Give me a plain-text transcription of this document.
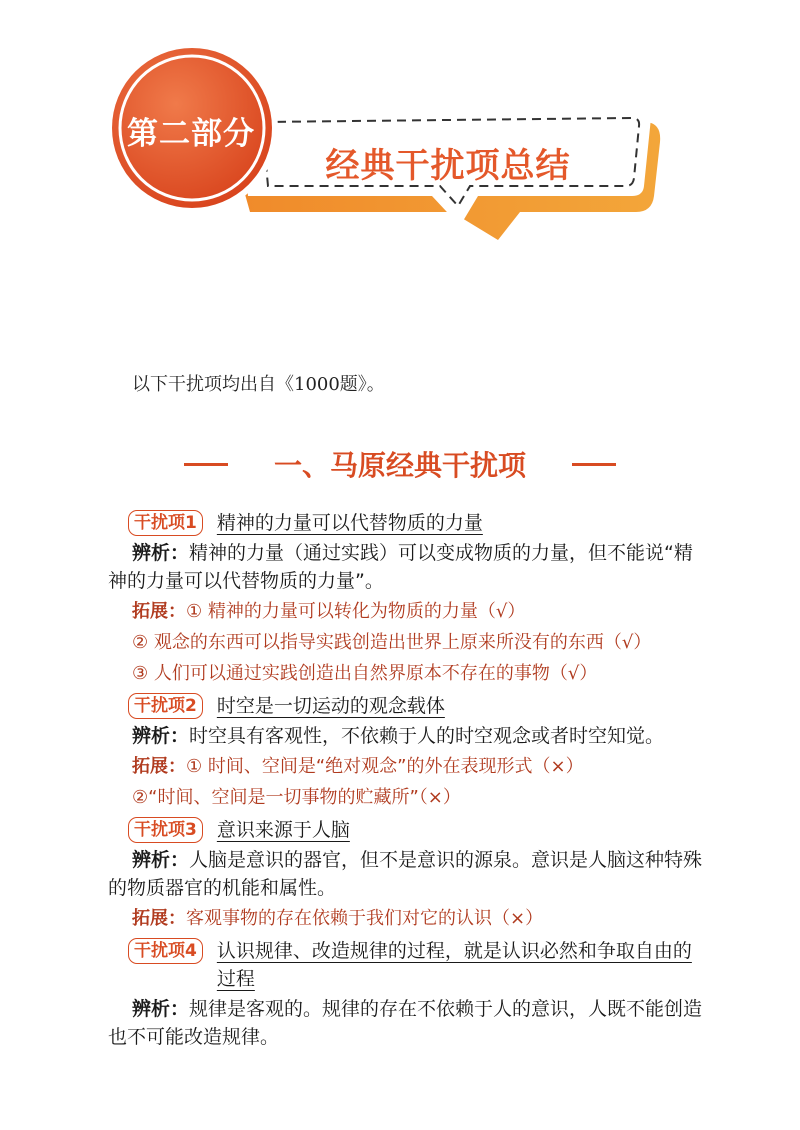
第二部分
经典干扰项总结
以下干扰项均出自《1000题》。
一、马原经典干扰项
干扰项1	精神的力量可以代替物质的力量
辨析：精神的力量（通过实践）可以变成物质的力量，但不能说“精神的力量可以代替物质的力量”。
拓展：① 精神的力量可以转化为物质的力量（√）
② 观念的东西可以指导实践创造出世界上原来所没有的东西（√）
③ 人们可以通过实践创造出自然界原本不存在的事物（√）
干扰项2	时空是一切运动的观念载体
辨析：时空具有客观性，不依赖于人的时空观念或者时空知觉。
拓展：① 时间、空间是“绝对观念”的外在表现形式（×）
②“时间、空间是一切事物的贮藏所”（×）
干扰项3	意识来源于人脑
辨析：人脑是意识的器官，但不是意识的源泉。意识是人脑这种特殊的物质器官的机能和属性。
拓展：客观事物的存在依赖于我们对它的认识（×）
干扰项4	认识规律、改造规律的过程，就是认识必然和争取自由的过程
辨析：规律是客观的。规律的存在不依赖于人的意识，人既不能创造也不可能改造规律。
